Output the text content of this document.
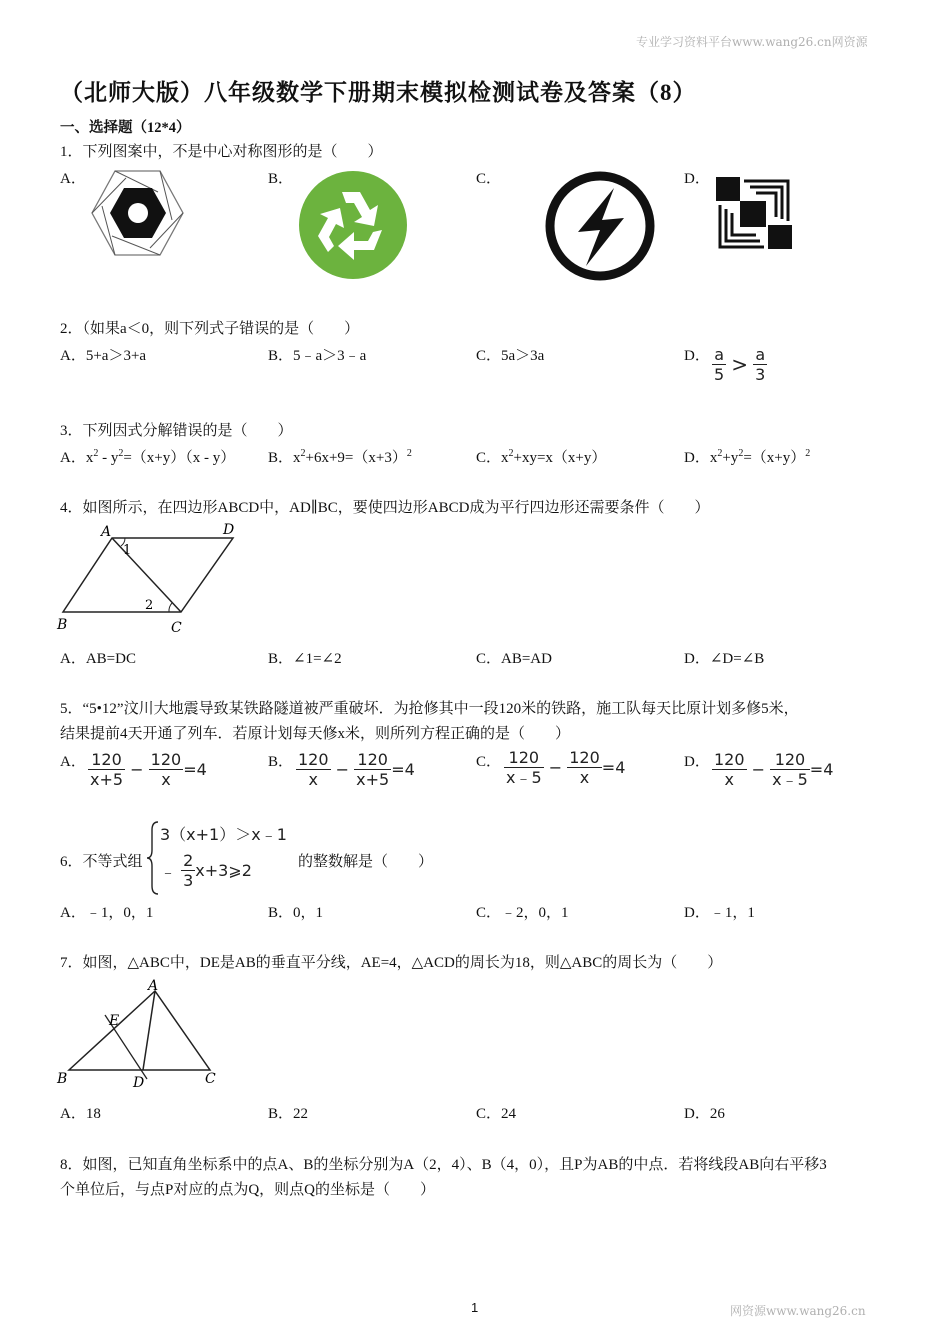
专业学习资料平台www.wang26.cn网资源
网资源www.wang26.cn
（北师大版）八年级数学下册期末模拟检测试卷及答案（8）
一、选择题（12*4）
1．下列图案中，不是中心对称图形的是（　　）
A．	B．	C．	D．
2．（如果a＜0，则下列式子错误的是（　　）
A．5+a＞3+a	B．5﹣a＞3﹣a	C．5a＞3a	D． $\frac{a}{5} > \frac{a}{3}$
3．下列因式分解错误的是（　　）
A．$x^2 - y^2=(x+y)(x - y)$ B．$x^2+6x+9=(x+3)^2$	C．$x^2+xy=x(x+y)$	D．$x^2+y^2=(x+y)^2$
4．如图所示，在四边形ABCD中，AD∥BC，要使四边形ABCD成为平行四边形还需要条件（　　）
A	D
B	C
1
2
A．AB=DC	B．∠1=∠2	C．AB=AD	D．∠D=∠B
5．“5•12”汶川大地震导致某铁路隧道被严重破坏．为抢修其中一段120米的铁路，施工队每天比原计划多修5米，
结果提前4天开通了列车．若原计划每天修x米，则所列方程正确的是（　　）
A． $\frac{120}{x+5} - \frac{120}{x} =4$	B． $\frac{120}{x} - \frac{120}{x+5} =4$	C． $\frac{120}{x﹣5} - \frac{120}{x} =4$	D． $\frac{120}{x} - \frac{120}{x﹣5} =4$
6．不等式组
3（x+1）＞x﹣1
﹣ $\frac{2}{3}$ x+3⩾2	的整数解是（　　）
A．﹣1，0，1	B．0，1	C．﹣2，0，1	D．﹣1，1
7．如图，△ABC中，DE是AB的垂直平分线，AE=4，△ACD的周长为18，则△ABC的周长为（　　）
A
E
B	D	C
A．18	B．22	C．24	D．26
8．如图，已知直角坐标系中的点A、B的坐标分别为A（2，4）、B（4，0），且P为AB的中点．若将线段AB向右平移3
个单位后，与点P对应的点为Q，则点Q的坐标是（　　）
1
